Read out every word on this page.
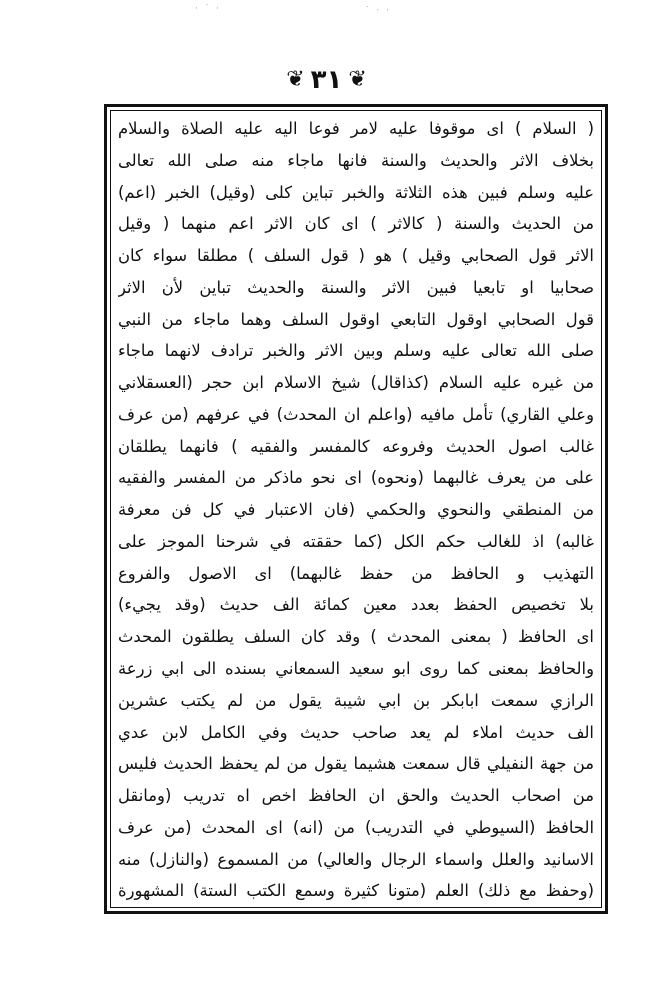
· ˙ ·	˙ · ·
❦ ٣١ ❦
( السلام ) اى موقوفا عليه لامر فوعا اليه عليه الصلاة والسلام
بخلاف الاثر والحديث والسنة فانها ماجاء منه صلى الله تعالى
عليه وسلم فبين هذه الثلاثة والخبر تباين كلى (وقيل) الخبر (اعم)
من الحديث والسنة ( كالاثر ) اى كان الاثر اعم منهما ( وقيل
الاثر قول الصحابي وقيل ) هو ( قول السلف ) مطلقا سواء كان
صحابيا او تابعيا فبين الاثر والسنة والحديث تباين لأن الاثر
قول الصحابي اوقول التابعي اوقول السلف وهما ماجاء من النبي
صلى الله تعالى عليه وسلم وبين الاثر والخبر ترادف لانهما ماجاء
من غيره عليه السلام (كذاقال) شيخ الاسلام ابن حجر (العسقلاني
وعلي القاري) تأمل مافيه (واعلم ان المحدث) في عرفهم (من عرف
غالب اصول الحديث وفروعه كالمفسر والفقيه ) فانهما يطلقان
على من يعرف غالبهما (ونحوه) اى نحو ماذكر من المفسر والفقيه
من المنطقي والنحوي والحكمي (فان الاعتبار في كل فن معرفة
غالبه) اذ للغالب حكم الكل (كما حققته في شرحنا الموجز على
التهذيب و الحافظ من حفظ غالبهما) اى الاصول والفروع
بلا تخصيص الحفظ بعدد معين كمائة الف حديث (وقد يجيء)
اى الحافظ ( بمعنى المحدث ) وقد كان السلف يطلقون المحدث
والحافظ بمعنى كما روى ابو سعيد السمعاني بسنده الى ابي زرعة
الرازي سمعت ابابكر بن ابي شيبة يقول من لم يكتب عشرين
الف حديث املاء لم يعد صاحب حديث وفي الكامل لابن عدي
من جهة النفيلي قال سمعت هشيما يقول من لم يحفظ الحديث فليس
من اصحاب الحديث والحق ان الحافظ اخص اه تدريب (ومانقل
الحافظ (السيوطي في التدريب) من (انه) اى المحدث (من عرف
الاسانيد والعلل واسماء الرجال والعالي) من المسموع (والنازل) منه
(وحفظ مع ذلك) العلم (متونا كثيرة وسمع الكتب الستة) المشهورة
